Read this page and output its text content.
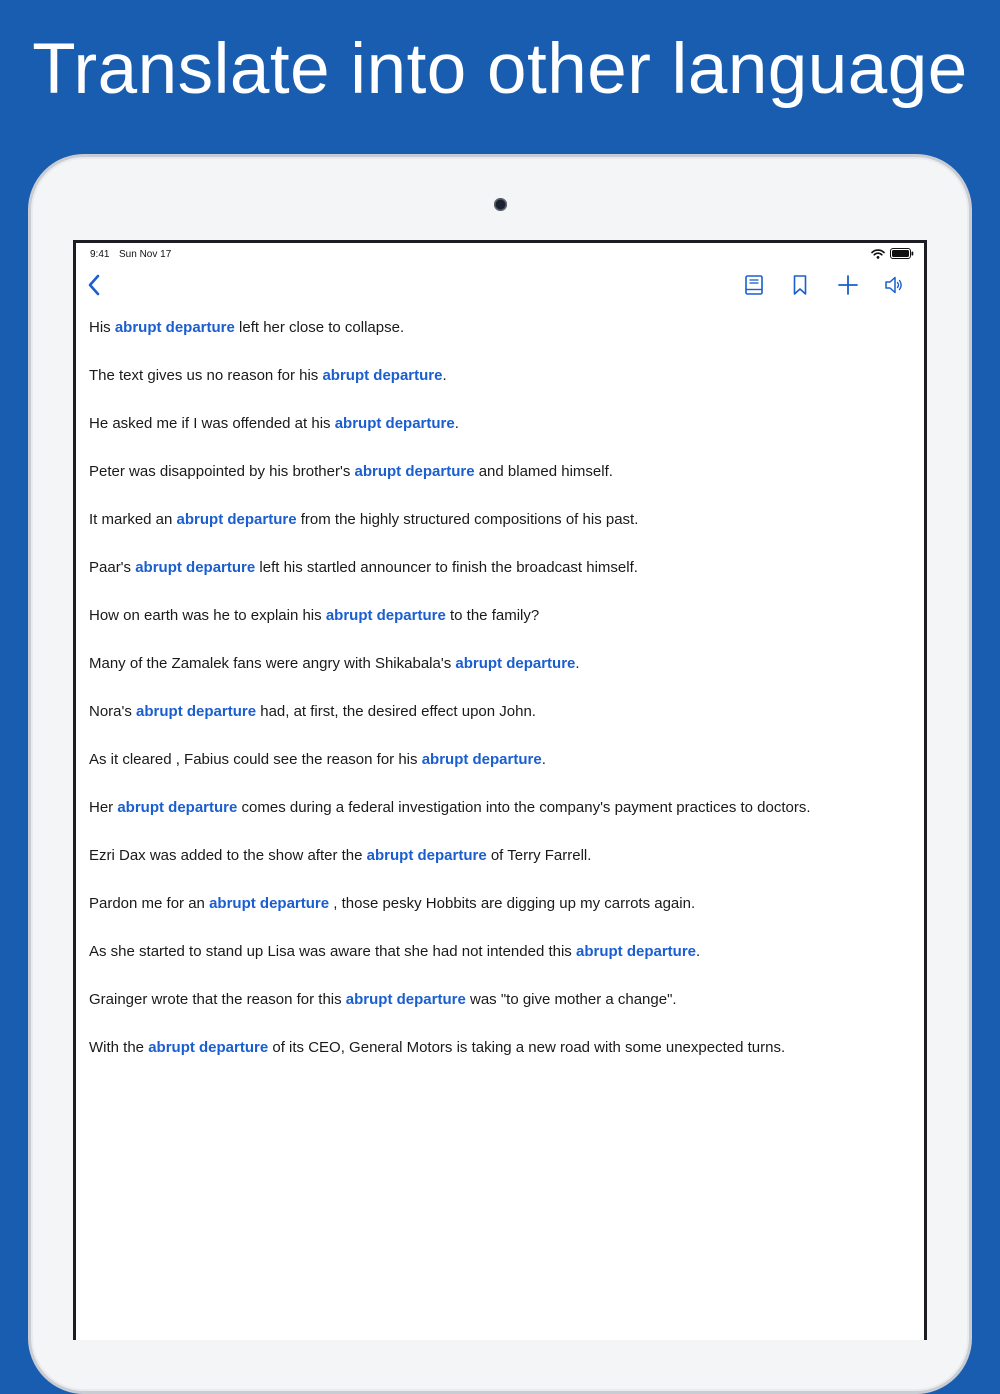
Translate into other language
9:41 Sun Nov 17
His abrupt departure left her close to collapse.
The text gives us no reason for his abrupt departure.
He asked me if I was offended at his abrupt departure.
Peter was disappointed by his brother's abrupt departure and blamed himself.
It marked an abrupt departure from the highly structured compositions of his past.
Paar's abrupt departure left his startled announcer to finish the broadcast himself.
How on earth was he to explain his abrupt departure to the family?
Many of the Zamalek fans were angry with Shikabala's abrupt departure.
Nora's abrupt departure had, at first, the desired effect upon John.
As it cleared , Fabius could see the reason for his abrupt departure.
Her abrupt departure comes during a federal investigation into the company's payment practices to doctors.
Ezri Dax was added to the show after the abrupt departure of Terry Farrell.
Pardon me for an abrupt departure , those pesky Hobbits are digging up my carrots again.
As she started to stand up Lisa was aware that she had not intended this abrupt departure.
Grainger wrote that the reason for this abrupt departure was "to give mother a change".
With the abrupt departure of its CEO, General Motors is taking a new road with some unexpected turns.
